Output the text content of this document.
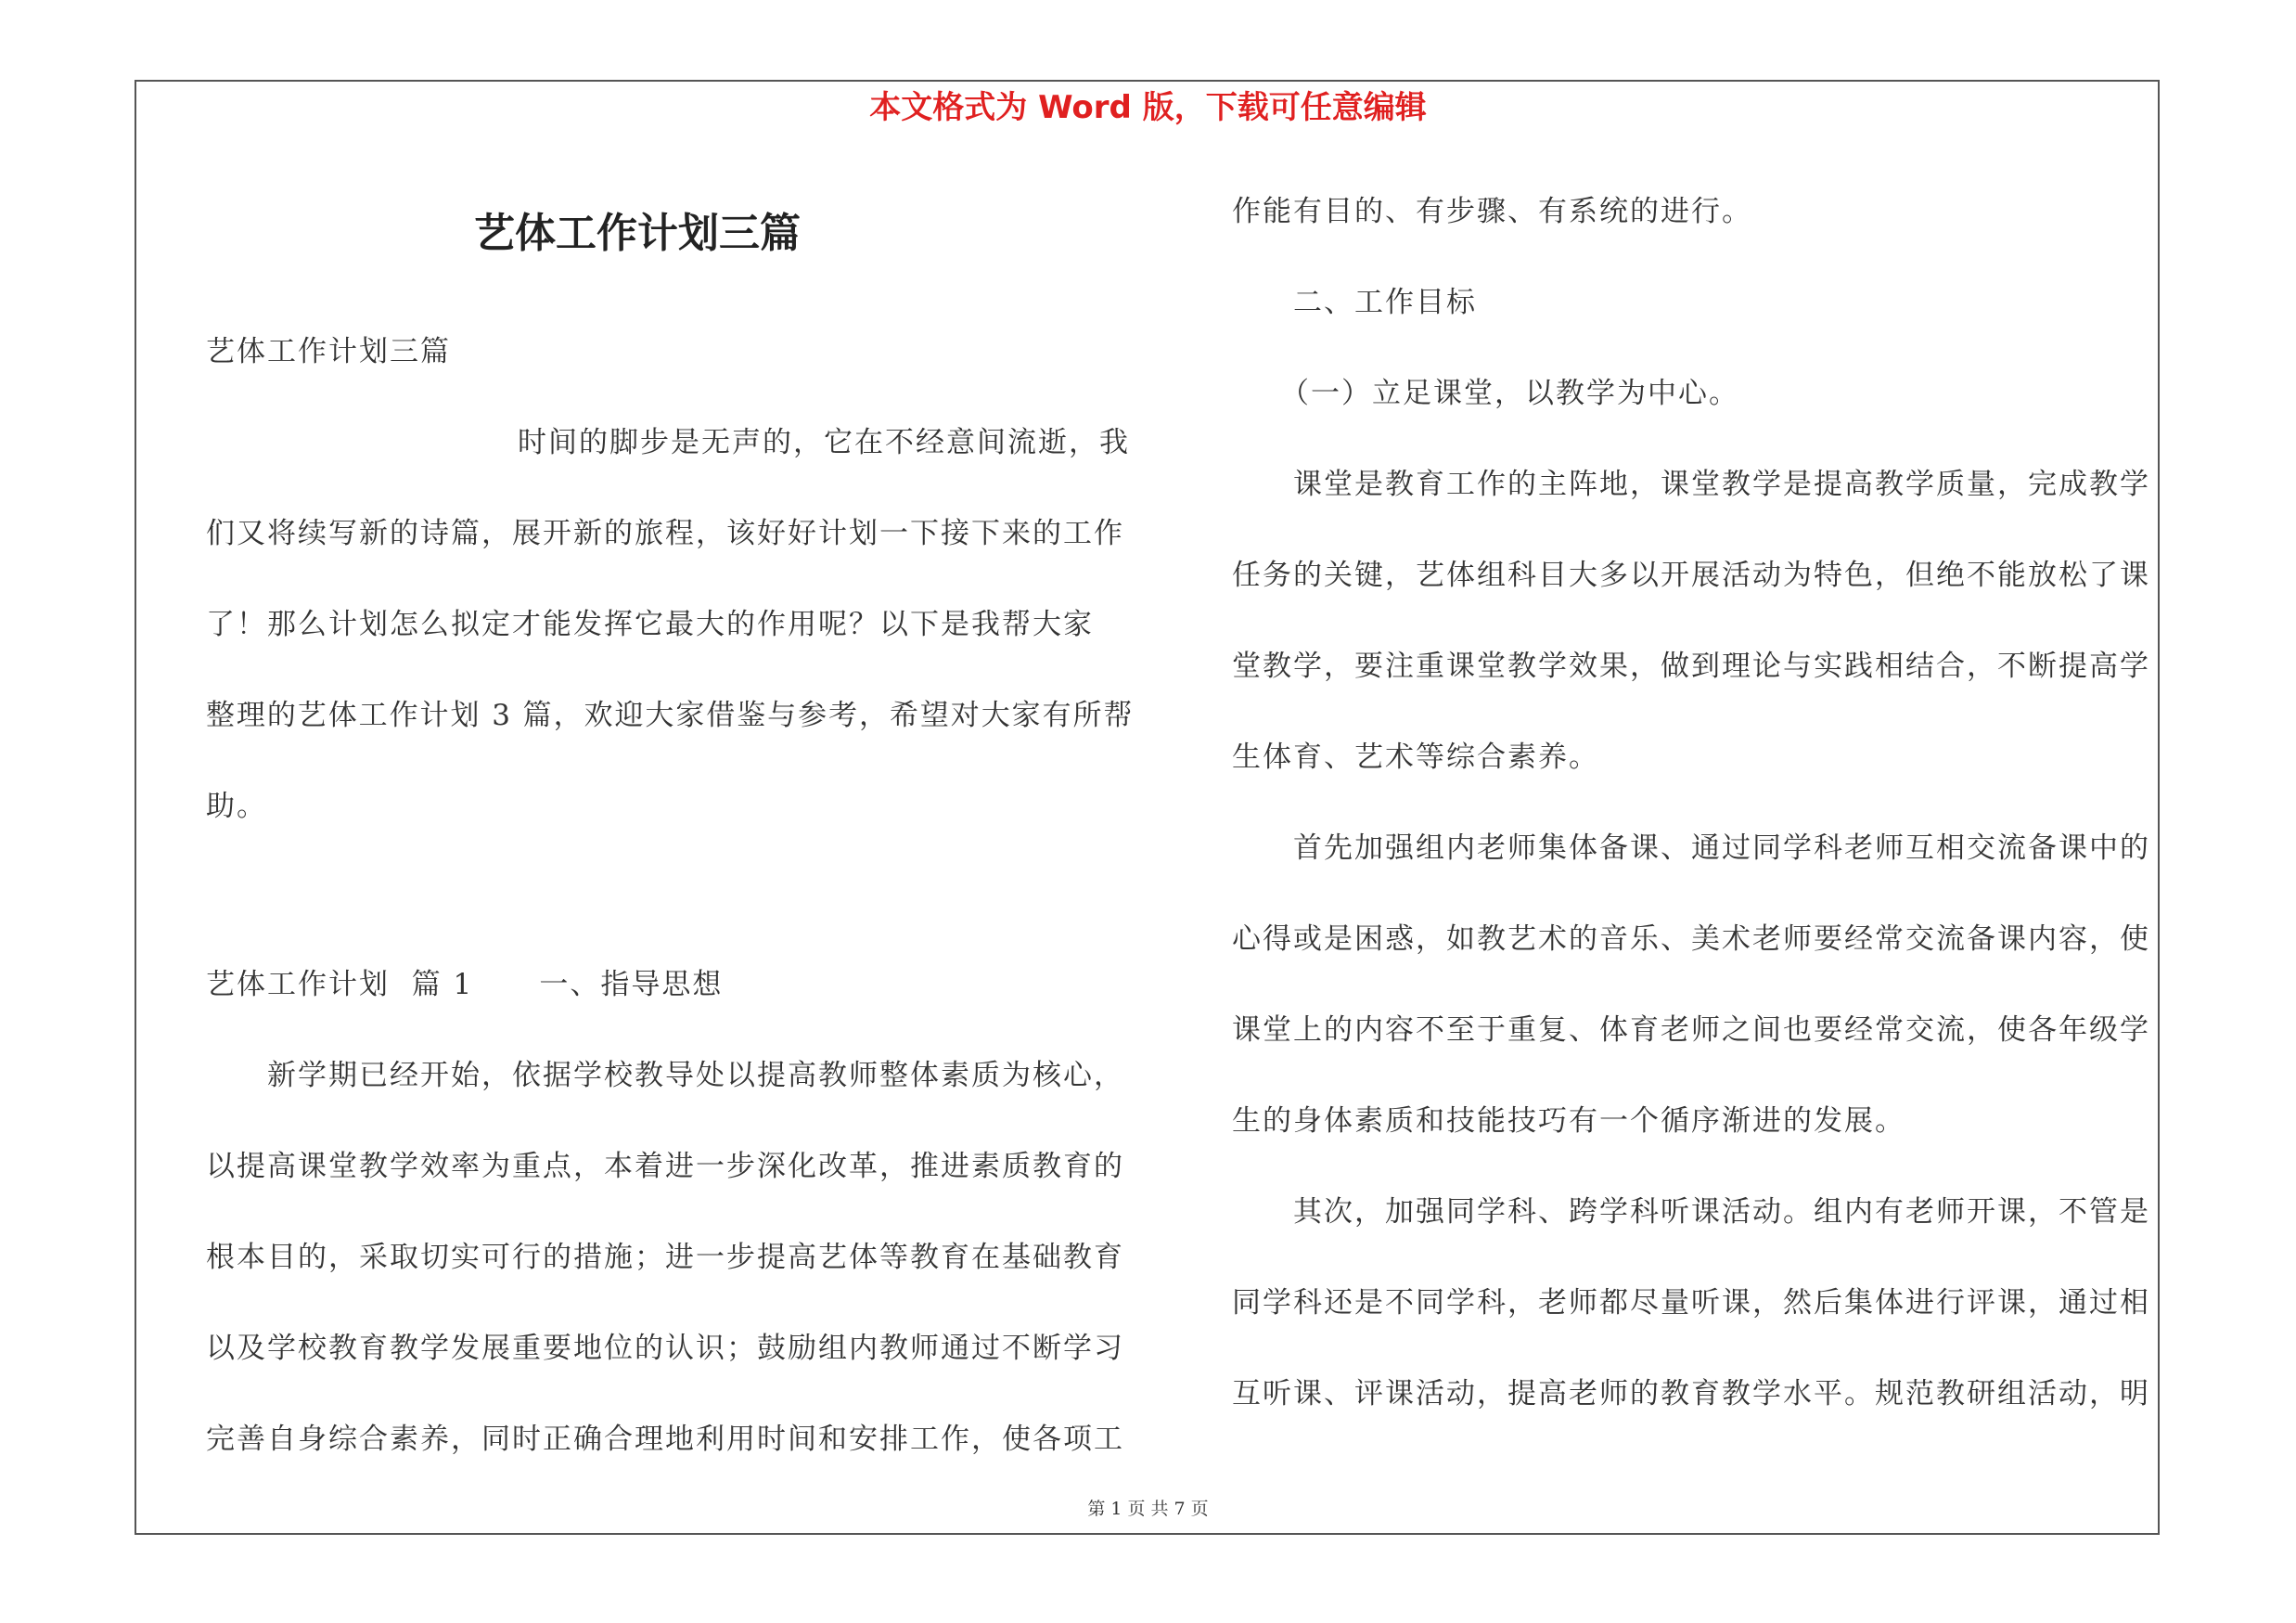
本文格式为 Word 版，下载可任意编辑
艺体工作计划三篇
艺体工作计划三篇
时间的脚步是无声的，它在不经意间流逝，我
们又将续写新的诗篇，展开新的旅程，该好好计划一下接下来的工作
了！那么计划怎么拟定才能发挥它最大的作用呢？以下是我帮大家
整理的艺体工作计划 3 篇，欢迎大家借鉴与参考，希望对大家有所帮
助。
艺体工作计划  篇 1      一、指导思想
新学期已经开始，依据学校教导处以提高教师整体素质为核心，
以提高课堂教学效率为重点，本着进一步深化改革，推进素质教育的
根本目的，采取切实可行的措施；进一步提高艺体等教育在基础教育
以及学校教育教学发展重要地位的认识；鼓励组内教师通过不断学习
完善自身综合素养，同时正确合理地利用时间和安排工作，使各项工
作能有目的、有步骤、有系统的进行。
二、工作目标
（一）立足课堂，以教学为中心。
课堂是教育工作的主阵地，课堂教学是提高教学质量，完成教学
任务的关键，艺体组科目大多以开展活动为特色，但绝不能放松了课
堂教学，要注重课堂教学效果，做到理论与实践相结合，不断提高学
生体育、艺术等综合素养。
首先加强组内老师集体备课、通过同学科老师互相交流备课中的
心得或是困惑，如教艺术的音乐、美术老师要经常交流备课内容，使
课堂上的内容不至于重复、体育老师之间也要经常交流，使各年级学
生的身体素质和技能技巧有一个循序渐进的发展。
其次，加强同学科、跨学科听课活动。组内有老师开课，不管是
同学科还是不同学科，老师都尽量听课，然后集体进行评课，通过相
互听课、评课活动，提高老师的教育教学水平。规范教研组活动，明
第 1 页 共 7 页
